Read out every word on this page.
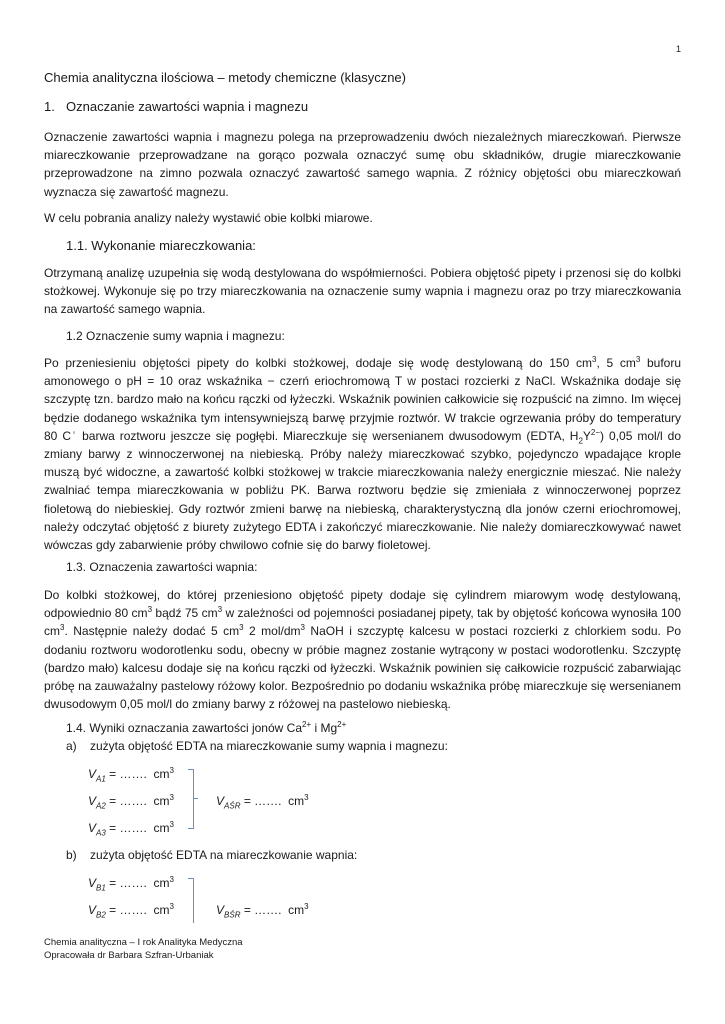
1
Chemia analityczna ilościowa – metody chemiczne (klasyczne)
1. Oznaczanie zawartości wapnia i magnezu

Oznaczenie zawartości wapnia i magnezu polega na przeprowadzeniu dwóch niezależnych miareczkowań. Pierwsze miareczkowanie przeprowadzane na gorąco pozwala oznaczyć sumę obu składników, drugie miareczkowanie przeprowadzone na zimno pozwala oznaczyć zawartość samego wapnia. Z różnicy objętości obu miareczkowań wyznacza się zawartość magnezu.

W celu pobrania analizy należy wystawić obie kolbki miarowe.

1.1. Wykonanie miareczkowania:

Otrzymaną analizę uzupełnia się wodą destylowana do współmierności. Pobiera objętość pipety i przenosi się do kolbki stożkowej. Wykonuje się po trzy miareczkowania na oznaczenie sumy wapnia i magnezu oraz po trzy miareczkowania na zawartość samego wapnia.

1.2 Oznaczenie sumy wapnia i magnezu:

Po przeniesieniu objętości pipety do kolbki stożkowej, dodaje się wodę destylowaną do 150 $cm^3$, 5 $cm^3$ buforu amonowego o pH = 10 oraz wskaźnika − czerń eriochromową T w postaci rozcierki z NaCl. Wskaźnika dodaje się szczyptę tzn. bardzo mało na końcu rączki od łyżeczki. Wskaźnik powinien całkowicie się rozpuścić na zimno. Im więcej będzie dodanego wskaźnika tym intensywniejszą barwę przyjmie roztwór. W trakcie ogrzewania próby do temperatury 80 C◦ barwa roztworu jeszcze się pogłębi. Miareczkuje się wersenianem dwusodowym (EDTA, $H_2Y^{2-}$) 0,05 mol/l do zmiany barwy z winnoczerwonej na niebieską. Próby należy miareczkować szybko, pojedynczo wpadające krople muszą być widoczne, a zawartość kolbki stożkowej w trakcie miareczkowania należy energicznie mieszać. Nie należy zwalniać tempa miareczkowania w pobliżu PK. Barwa roztworu będzie się zmieniała z winnoczerwonej poprzez fioletową do niebieskiej. Gdy roztwór zmieni barwę na niebieską, charakterystyczną dla jonów czerni eriochromowej, należy odczytać objętość z biurety zużytego EDTA i zakończyć miareczkowanie. Nie należy domiareczkowywać nawet wówczas gdy zabarwienie próby chwilowo cofnie się do barwy fioletowej.

1.3. Oznaczenia zawartości wapnia:

Do kolbki stożkowej, do której przeniesiono objętość pipety dodaje się cylindrem miarowym wodę destylowaną, odpowiednio 80 $cm^3$ bądź 75 $cm^3$ w zależności od pojemności posiadanej pipety, tak by objętość końcowa wynosiła 100 $cm^3$. Następnie należy dodać 5 $cm^3$ 2 mol/$dm^3$ NaOH i szczyptę kalcesu w postaci rozcierki z chlorkiem sodu. Po dodaniu roztworu wodorotlenku sodu, obecny w próbie magnez zostanie wytrącony w postaci wodorotlenku. Szczyptę (bardzo mało) kalcesu dodaje się na końcu rączki od łyżeczki. Wskaźnik powinien się całkowicie rozpuścić zabarwiając próbę na zauważalny pastelowy różowy kolor. Bezpośrednio po dodaniu wskaźnika próbę miareczkuje się wersenianem dwusodowym 0,05 mol/l do zmiany barwy z różowej na pastelowo niebieską.

1.4. Wyniki oznaczania zawartości jonów $Ca^{2+}$ i $Mg^{2+}$
a) zużyta objętość EDTA na miareczkowanie sumy wapnia i magnezu:
$V_{A1}$ = ……. $cm^3$
$V_{A2}$ = ……. $cm^3$
$V_{A3}$ = ……. $cm^3$
$V_{AŚR}$ = ……. $cm^3$
b) zużyta objętość EDTA na miareczkowanie wapnia:
$V_{B1}$ = ……. $cm^3$
$V_{B2}$ = ……. $cm^3$	$V_{BŚR}$ = ……. $cm^3$
Chemia analityczna – I rok Analityka Medyczna
Opracowała dr Barbara Szfran-Urbaniak
